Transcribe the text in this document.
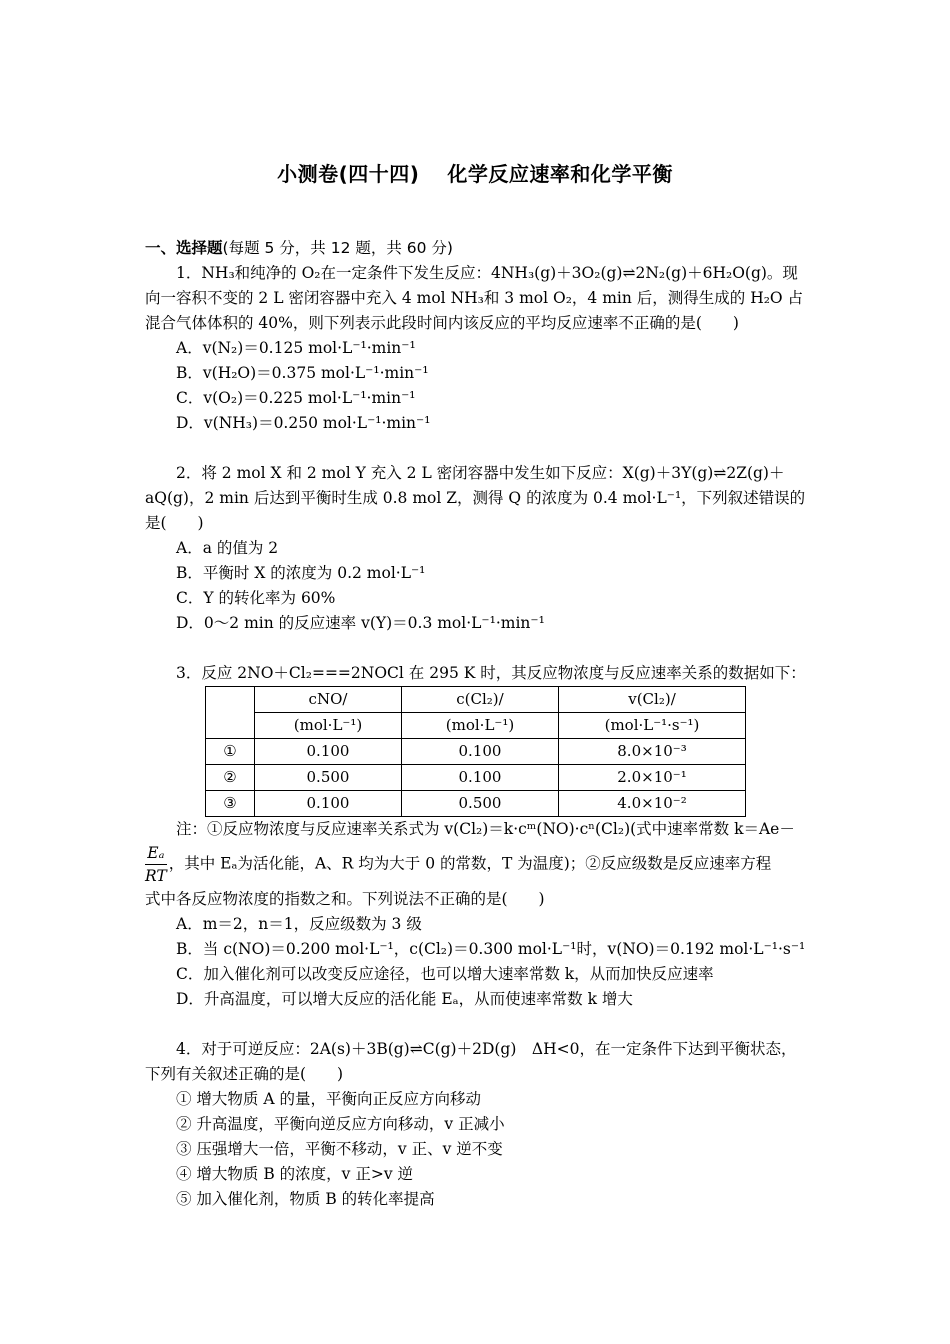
小测卷(四十四)　 化学反应速率和化学平衡
一、选择题(每题 5 分，共 12 题，共 60 分)
1．NH₃和纯净的 O₂在一定条件下发生反应：4NH₃(g)＋3O₂(g)⇌2N₂(g)＋6H₂O(g)。现
向一容积不变的 2 L 密闭容器中充入 4 mol NH₃和 3 mol O₂，4 min 后，测得生成的 H₂O 占
混合气体体积的 40%，则下列表示此段时间内该反应的平均反应速率不正确的是(　　)
A．v(N₂)＝0.125 mol·L⁻¹·min⁻¹
B．v(H₂O)＝0.375 mol·L⁻¹·min⁻¹
C．v(O₂)＝0.225 mol·L⁻¹·min⁻¹
D．v(NH₃)＝0.250 mol·L⁻¹·min⁻¹
2．将 2 mol X 和 2 mol Y 充入 2 L 密闭容器中发生如下反应：X(g)＋3Y(g)⇌2Z(g)＋
aQ(g)，2 min 后达到平衡时生成 0.8 mol Z，测得 Q 的浓度为 0.4 mol·L⁻¹，下列叙述错误的
是(　　)
A．a 的值为 2
B．平衡时 X 的浓度为 0.2 mol·L⁻¹
C．Y 的转化率为 60%
D．0～2 min 的反应速率 v(Y)＝0.3 mol·L⁻¹·min⁻¹
3．反应 2NO＋Cl₂===2NOCl 在 295 K 时，其反应物浓度与反应速率关系的数据如下：
	cNO/	c(Cl₂)/	v(Cl₂)/
	(mol·L⁻¹)	(mol·L⁻¹)	(mol·L⁻¹·s⁻¹)
①	0.100	0.100	8.0×10⁻³
②	0.500	0.100	2.0×10⁻¹
③	0.100	0.500	4.0×10⁻²
注：①反应物浓度与反应速率关系式为 v(Cl₂)＝k·cᵐ(NO)·cⁿ(Cl₂)(式中速率常数 k＝Ae－
$\frac{\text{Eₐ}}{RT}$ ，其中 Eₐ为活化能，A、R 均为大于 0 的常数，T 为温度)；②反应级数是反应速率方程
式中各反应物浓度的指数之和。下列说法不正确的是(　　)
A．m＝2，n＝1，反应级数为 3 级
B．当 c(NO)＝0.200 mol·L⁻¹，c(Cl₂)＝0.300 mol·L⁻¹时，v(NO)＝0.192 mol·L⁻¹·s⁻¹
C．加入催化剂可以改变反应途径，也可以增大速率常数 k，从而加快反应速率
D．升高温度，可以增大反应的活化能 Eₐ，从而使速率常数 k 增大
4．对于可逆反应：2A(s)＋3B(g)⇌C(g)＋2D(g)　ΔH<0，在一定条件下达到平衡状态，
下列有关叙述正确的是(　　)
① 增大物质 A 的量，平衡向正反应方向移动
② 升高温度，平衡向逆反应方向移动，v 正减小
③ 压强增大一倍，平衡不移动，v 正、v 逆不变
④ 增大物质 B 的浓度，v 正>v 逆
⑤ 加入催化剂，物质 B 的转化率提高
